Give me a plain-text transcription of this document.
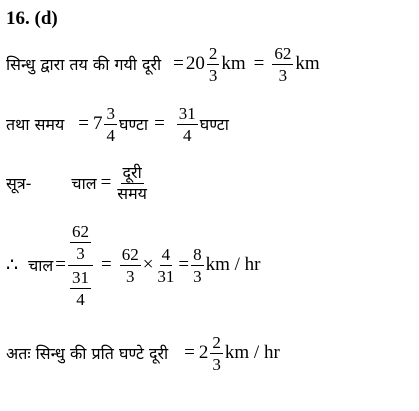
16. (d)
सिन्धु द्वारा तय की गयी दूरी = $20 \frac{2}{3}$ km = $\frac{62}{3}$ km
तथा समय = $7 \frac{3}{4}$ घण्टा = $\frac{31}{4}$ घण्टा
सूत्र-	चाल = $\frac{\text{दूरी}}{\text{समय}}$
∴ चाल = $\frac{\frac{62}{3}}{\frac{31}{4}} = \frac{62}{3} \times \frac{4}{31} = \frac{8}{3}$ km / hr
अतः सिन्धु की प्रति घण्टे दूरी = $2 \frac{2}{3}$ km / hr
